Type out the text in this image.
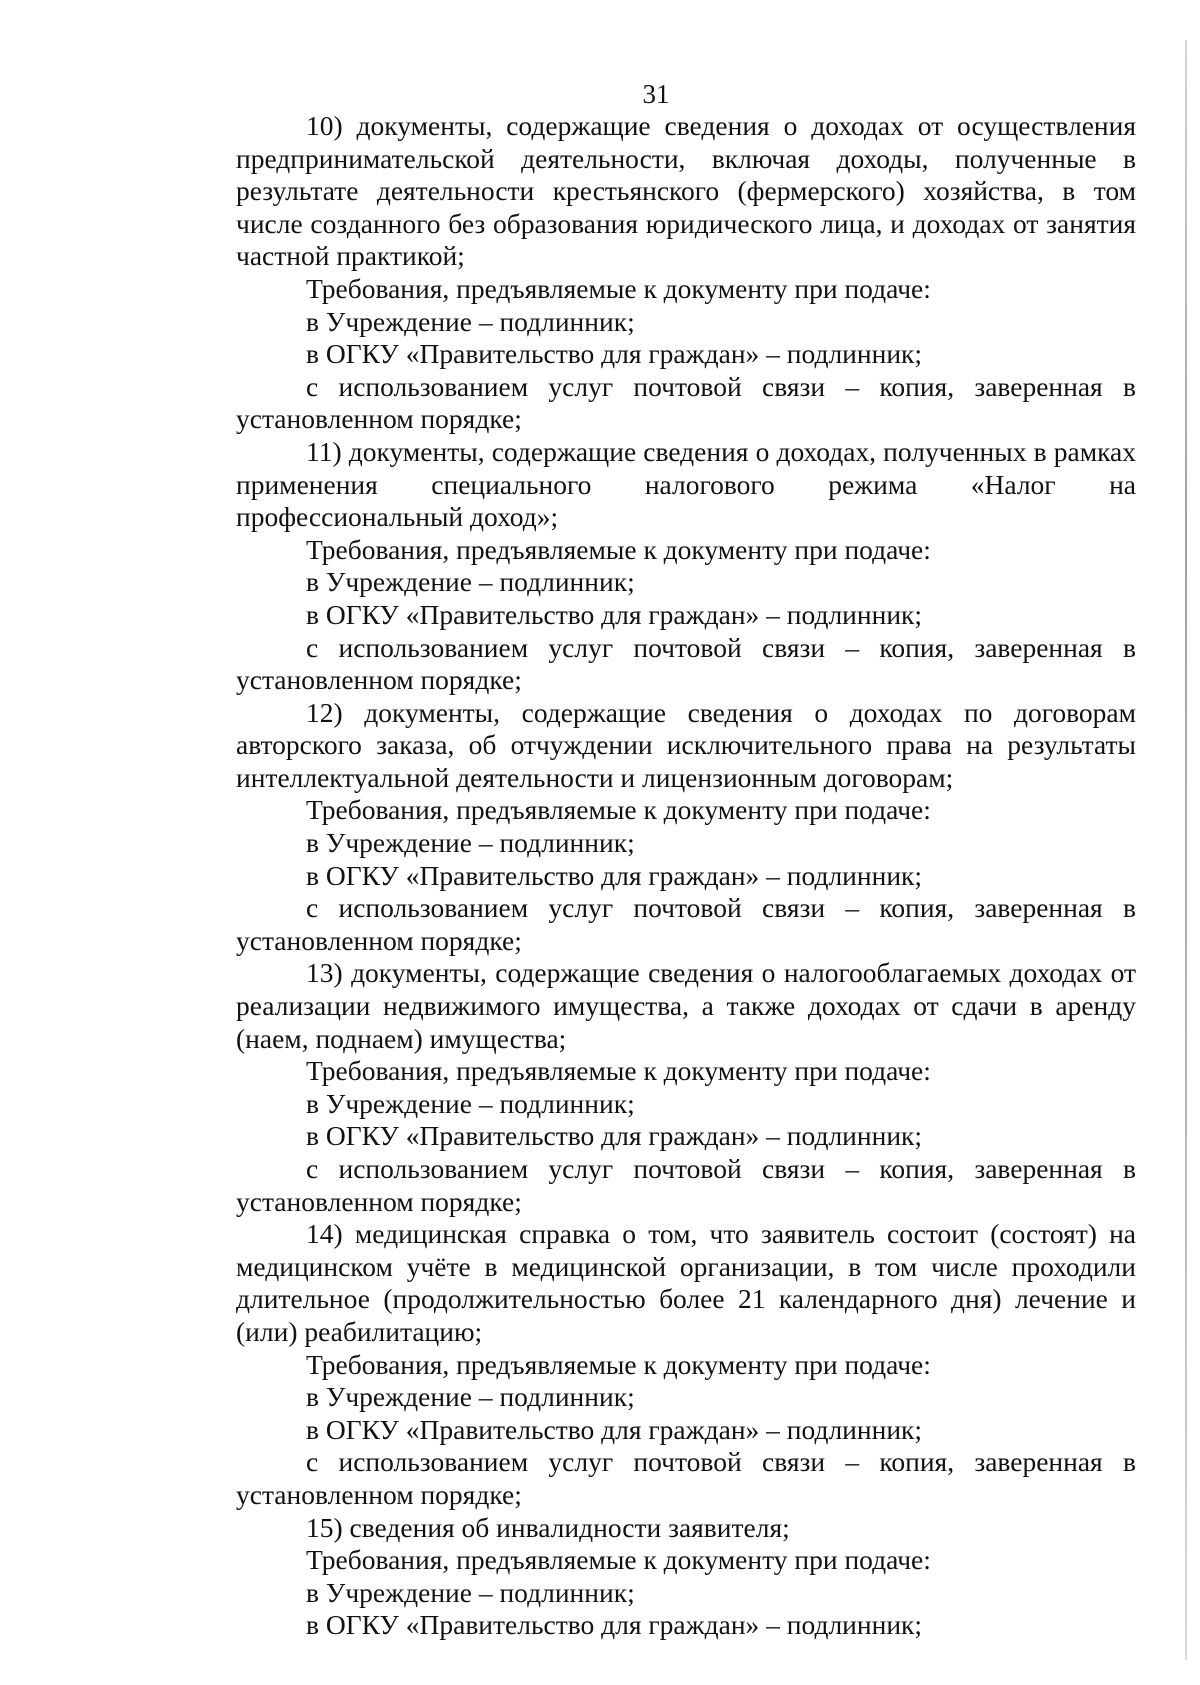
31

10) документы, содержащие сведения о доходах от осуществления предпринимательской деятельности, включая доходы, полученные в результате деятельности крестьянского (фермерского) хозяйства, в том числе созданного без образования юридического лица, и доходах от занятия частной практикой;

Требования, предъявляемые к документу при подаче:

в Учреждение – подлинник;

в ОГКУ «Правительство для граждан» – подлинник;

с использованием услуг почтовой связи – копия, заверенная в установленном порядке;

11) документы, содержащие сведения о доходах, полученных в рамках применения специального налогового режима «Налог на профессиональный доход»;

Требования, предъявляемые к документу при подаче:

в Учреждение – подлинник;

в ОГКУ «Правительство для граждан» – подлинник;

с использованием услуг почтовой связи – копия, заверенная в установленном порядке;

12) документы, содержащие сведения о доходах по договорам авторского заказа, об отчуждении исключительного права на результаты интеллектуальной деятельности и лицензионным договорам;

Требования, предъявляемые к документу при подаче:

в Учреждение – подлинник;

в ОГКУ «Правительство для граждан» – подлинник;

с использованием услуг почтовой связи – копия, заверенная в установленном порядке;

13) документы, содержащие сведения о налогооблагаемых доходах от реализации недвижимого имущества, а также доходах от сдачи в аренду (наем, поднаем) имущества;

Требования, предъявляемые к документу при подаче:

в Учреждение – подлинник;

в ОГКУ «Правительство для граждан» – подлинник;

с использованием услуг почтовой связи – копия, заверенная в установленном порядке;

14) медицинская справка о том, что заявитель состоит (состоят) на медицинском учёте в медицинской организации, в том числе проходили длительное (продолжительностью более 21 календарного дня) лечение и (или) реабилитацию;

Требования, предъявляемые к документу при подаче:

в Учреждение – подлинник;

в ОГКУ «Правительство для граждан» – подлинник;

с использованием услуг почтовой связи – копия, заверенная в установленном порядке;

15) сведения об инвалидности заявителя;

Требования, предъявляемые к документу при подаче:

в Учреждение – подлинник;

в ОГКУ «Правительство для граждан» – подлинник;
